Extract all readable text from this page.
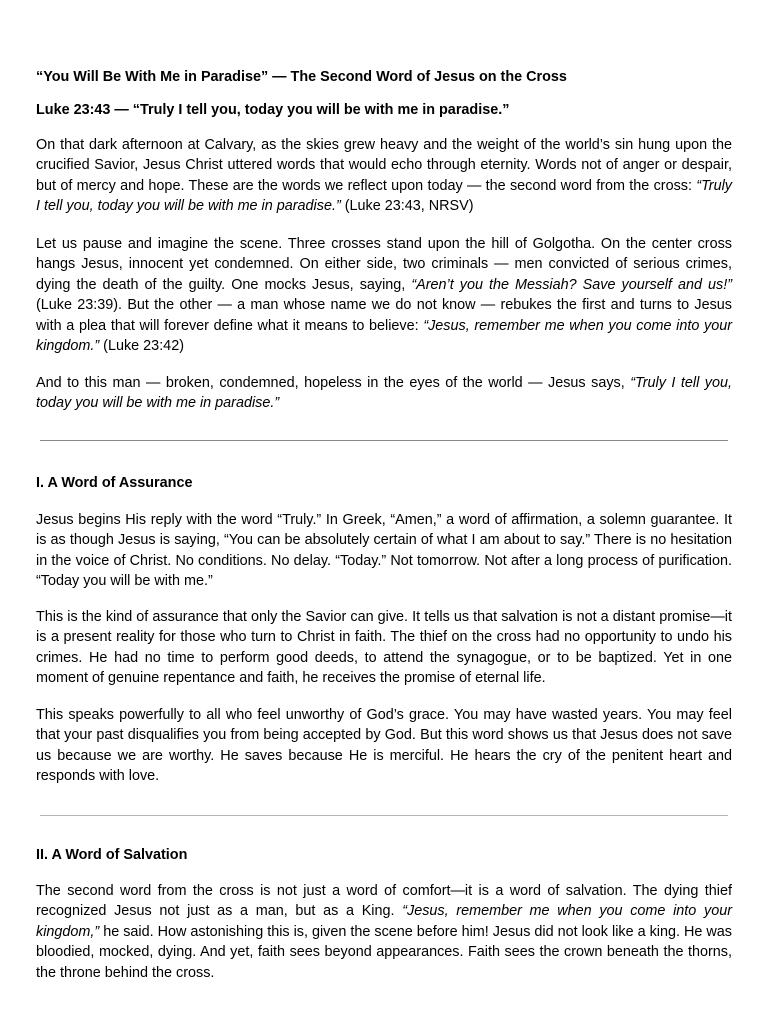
“You Will Be With Me in Paradise” — The Second Word of Jesus on the Cross
Luke 23:43 — “Truly I tell you, today you will be with me in paradise.”

On that dark afternoon at Calvary, as the skies grew heavy and the weight of the world’s sin hung upon the crucified Savior, Jesus Christ uttered words that would echo through eternity. Words not of anger or despair, but of mercy and hope. These are the words we reflect upon today — the second word from the cross: “Truly I tell you, today you will be with me in paradise.” (Luke 23:43, NRSV)

Let us pause and imagine the scene. Three crosses stand upon the hill of Golgotha. On the center cross hangs Jesus, innocent yet condemned. On either side, two criminals — men convicted of serious crimes, dying the death of the guilty. One mocks Jesus, saying, “Aren’t you the Messiah? Save yourself and us!” (Luke 23:39). But the other — a man whose name we do not know — rebukes the first and turns to Jesus with a plea that will forever define what it means to believe: “Jesus, remember me when you come into your kingdom.” (Luke 23:42)

And to this man — broken, condemned, hopeless in the eyes of the world — Jesus says, “Truly I tell you, today you will be with me in paradise.”

I. A Word of Assurance

Jesus begins His reply with the word “Truly.” In Greek, “Amen,” a word of affirmation, a solemn guarantee. It is as though Jesus is saying, “You can be absolutely certain of what I am about to say.” There is no hesitation in the voice of Christ. No conditions. No delay. “Today.” Not tomorrow. Not after a long process of purification. “Today you will be with me.”

This is the kind of assurance that only the Savior can give. It tells us that salvation is not a distant promise—it is a present reality for those who turn to Christ in faith. The thief on the cross had no opportunity to undo his crimes. He had no time to perform good deeds, to attend the synagogue, or to be baptized. Yet in one moment of genuine repentance and faith, he receives the promise of eternal life.

This speaks powerfully to all who feel unworthy of God’s grace. You may have wasted years. You may feel that your past disqualifies you from being accepted by God. But this word shows us that Jesus does not save us because we are worthy. He saves because He is merciful. He hears the cry of the penitent heart and responds with love.

II. A Word of Salvation

The second word from the cross is not just a word of comfort—it is a word of salvation. The dying thief recognized Jesus not just as a man, but as a King. “Jesus, remember me when you come into your kingdom,” he said. How astonishing this is, given the scene before him! Jesus did not look like a king. He was bloodied, mocked, dying. And yet, faith sees beyond appearances. Faith sees the crown beneath the thorns, the throne behind the cross.
